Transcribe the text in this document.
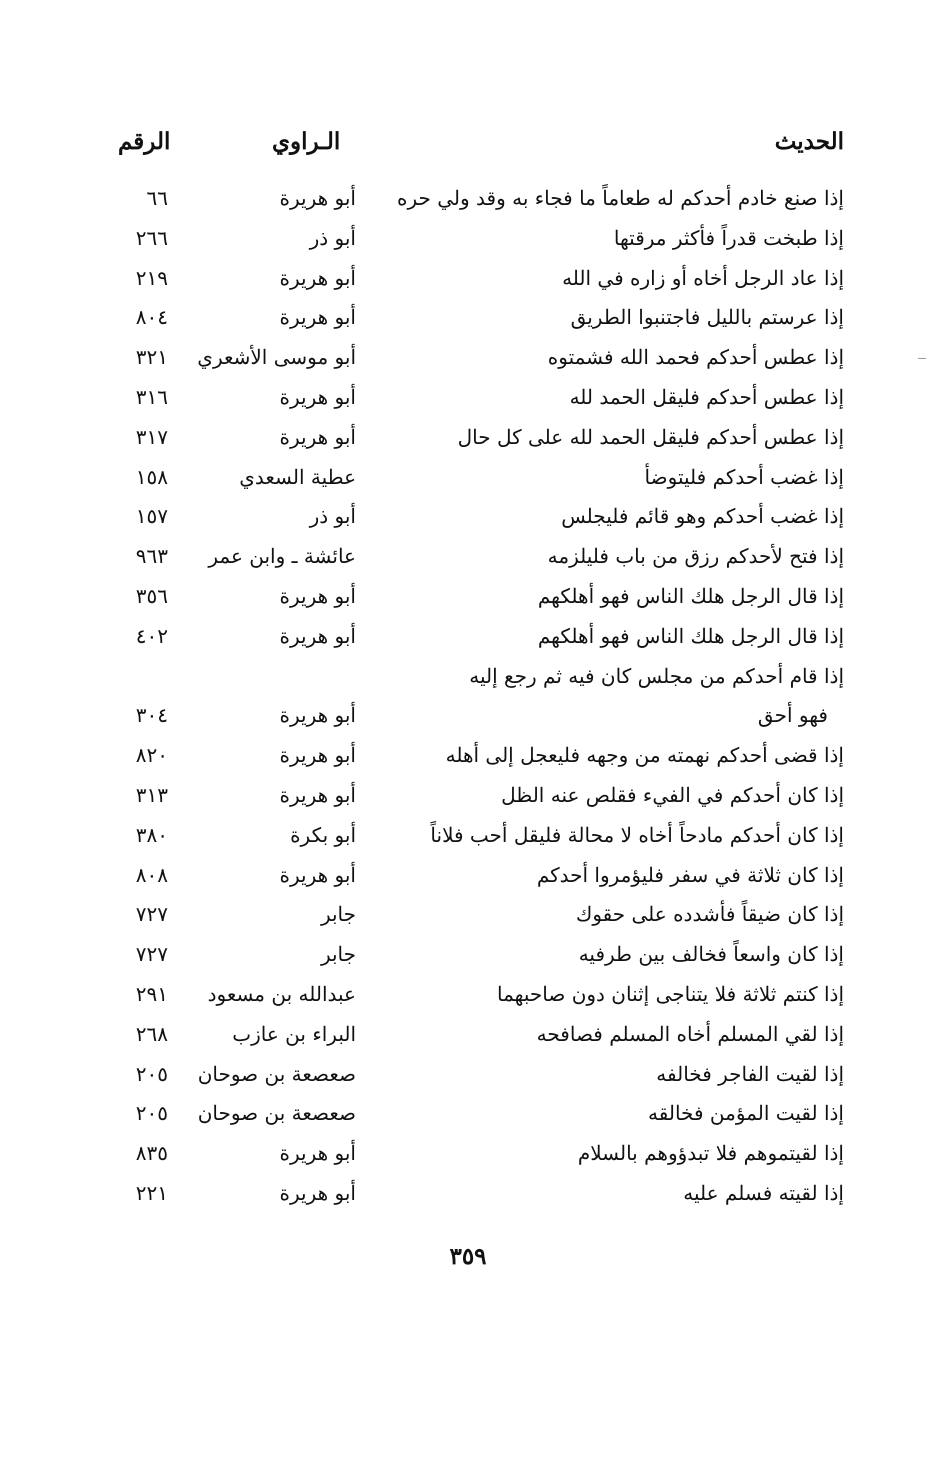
الحديث
الـراوي
الرقم
إذا صنع خادم أحدكم له طعاماً ما فجاء به وقد ولي حره
أبو هريرة
٦٦
إذا طبخت قدراً فأكثر مرقتها
أبو ذر
٢٦٦
إذا عاد الرجل أخاه أو زاره في الله
أبو هريرة
٢١٩
إذا عرستم بالليل فاجتنبوا الطريق
أبو هريرة
٨٠٤
إذا عطس أحدكم فحمد الله فشمتوه
أبو موسى الأشعري
٣٢١
إذا عطس أحدكم فليقل الحمد لله
أبو هريرة
٣١٦
إذا عطس أحدكم فليقل الحمد لله على كل حال
أبو هريرة
٣١٧
إذا غضب أحدكم فليتوضأ
عطية السعدي
١٥٨
إذا غضب أحدكم وهو قائم فليجلس
أبو ذر
١٥٧
إذا فتح لأحدكم رزق من باب فليلزمه
عائشة ـ وابن عمر
٩٦٣
إذا قال الرجل هلك الناس فهو أهلكهم
أبو هريرة
٣٥٦
إذا قال الرجل هلك الناس فهو أهلكهم
أبو هريرة
٤٠٢
إذا قام أحدكم من مجلس كان فيه ثم رجع إليه
فهو أحق
أبو هريرة
٣٠٤
إذا قضى أحدكم نهمته من وجهه فليعجل إلى أهله
أبو هريرة
٨٢٠
إذا كان أحدكم في الفيء فقلص عنه الظل
أبو هريرة
٣١٣
إذا كان أحدكم مادحاً أخاه لا محالة فليقل أحب فلاناً
أبو بكرة
٣٨٠
إذا كان ثلاثة في سفر فليؤمروا أحدكم
أبو هريرة
٨٠٨
إذا كان ضيقاً فأشدده على حقوك
جابر
٧٢٧
إذا كان واسعاً فخالف بين طرفيه
جابر
٧٢٧
إذا كنتم ثلاثة فلا يتناجى إثنان دون صاحبهما
عبدالله بن مسعود
٢٩١
إذا لقي المسلم أخاه المسلم فصافحه
البراء بن عازب
٢٦٨
إذا لقيت الفاجر فخالفه
صعصعة بن صوحان
٢٠٥
إذا لقيت المؤمن فخالقه
صعصعة بن صوحان
٢٠٥
إذا لقيتموهم فلا تبدؤوهم بالسلام
أبو هريرة
٨٣٥
إذا لقيته فسلم عليه
أبو هريرة
٢٢١
٣٥٩
